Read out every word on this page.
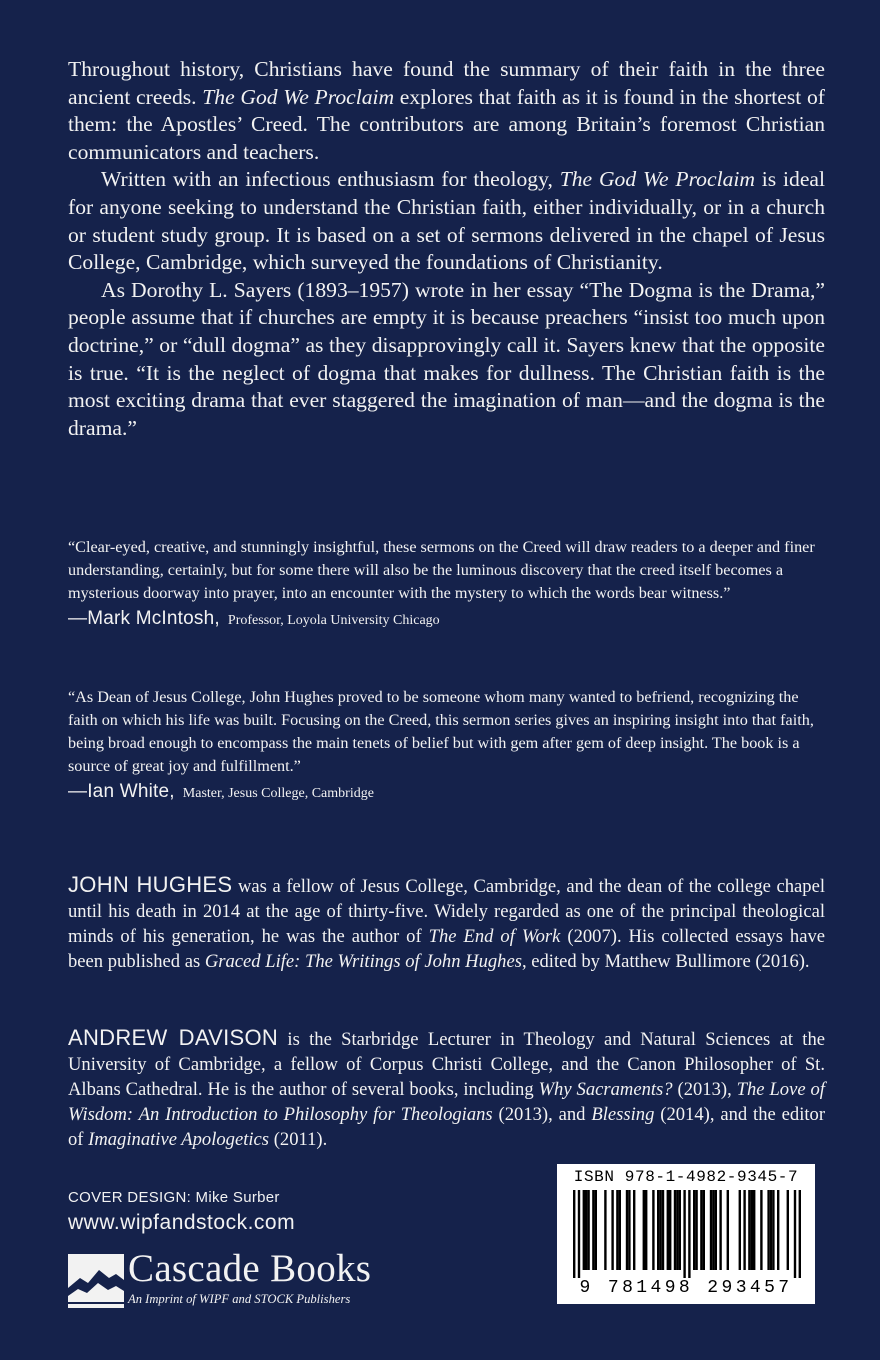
Throughout history, Christians have found the summary of their faith in the three ancient creeds. The God We Proclaim explores that faith as it is found in the shortest of them: the Apostles’ Creed. The contributors are among Britain’s foremost Christian communicators and teachers.

Written with an infectious enthusiasm for theology, The God We Proclaim is ideal for anyone seeking to understand the Christian faith, either individually, or in a church or student study group. It is based on a set of sermons delivered in the chapel of Jesus College, Cambridge, which surveyed the foundations of Christianity.

As Dorothy L. Sayers (1893–1957) wrote in her essay “The Dogma is the Drama,” people assume that if churches are empty it is because preachers “insist too much upon doctrine,” or “dull dogma” as they disapprovingly call it. Sayers knew that the opposite is true. “It is the neglect of dogma that makes for dullness. The Christian faith is the most exciting drama that ever staggered the imagination of man—and the dogma is the drama.”

“Clear-eyed, creative, and stunningly insightful, these sermons on the Creed will draw readers to a deeper and finer understanding, certainly, but for some there will also be the luminous discovery that the creed itself becomes a mysterious doorway into prayer, into an encounter with the mystery to which the words bear witness.”

—Mark McIntosh, Professor, Loyola University Chicago

“As Dean of Jesus College, John Hughes proved to be someone whom many wanted to befriend, recognizing the faith on which his life was built. Focusing on the Creed, this sermon series gives an inspiring insight into that faith, being broad enough to encompass the main tenets of belief but with gem after gem of deep insight. The book is a source of great joy and fulfillment.”

—Ian White, Master, Jesus College, Cambridge

JOHN HUGHES was a fellow of Jesus College, Cambridge, and the dean of the college chapel until his death in 2014 at the age of thirty-five. Widely regarded as one of the principal theological minds of his generation, he was the author of The End of Work (2007). His collected essays have been published as Graced Life: The Writings of John Hughes, edited by Matthew Bullimore (2016).

ANDREW DAVISON is the Starbridge Lecturer in Theology and Natural Sciences at the University of Cambridge, a fellow of Corpus Christi College, and the Canon Philosopher of St. Albans Cathedral. He is the author of several books, including Why Sacraments? (2013), The Love of Wisdom: An Introduction to Philosophy for Theologians (2013), and Blessing (2014), and the editor of Imaginative Apologetics (2011).

COVER DESIGN: Mike Surber
www.wipfandstock.com
Cascade Books
An Imprint of WIPF and STOCK Publishers
ISBN 978-1-4982-9345-7
9 781498 293457
